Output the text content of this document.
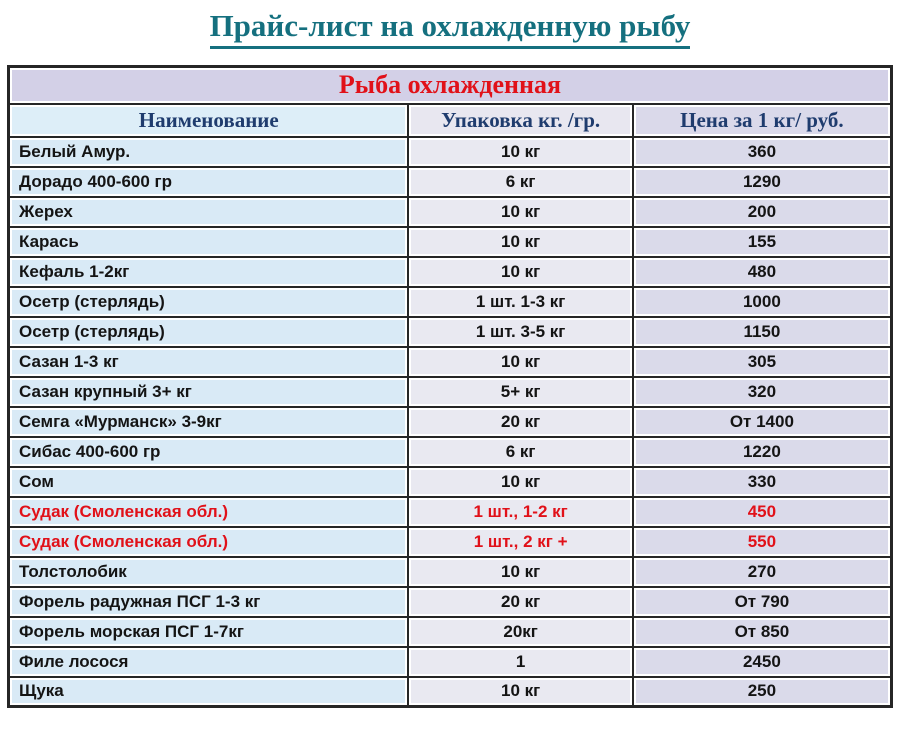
Прайс-лист на охлажденную рыбу
Рыба охлажденная		
Наименование	Упаковка кг. /гр.	Цена за 1 кг/ руб.
Белый Амур.	10 кг	360
Дорадо 400-600 гр	6 кг	1290
Жерех	10 кг	200
Карась	10 кг	155
Кефаль 1-2кг	10 кг	480
Осетр (стерлядь)	1 шт. 1-3 кг	1000
Осетр (стерлядь)	1 шт. 3-5 кг	1150
Сазан 1-3 кг	10 кг	305
Сазан крупный 3+ кг	5+ кг	320
Семга «Мурманск» 3-9кг	20 кг	От 1400
Сибас 400-600 гр	6 кг	1220
Сом	10 кг	330
Судак (Смоленская обл.)	1 шт., 1-2 кг	450
Судак (Смоленская обл.)	1 шт., 2 кг +	550
Толстолобик	10 кг	270
Форель радужная ПСГ 1-3 кг	20 кг	От 790
Форель морская ПСГ 1-7кг	20кг	От 850
Филе лосося	1	2450
Щука	10 кг	250
